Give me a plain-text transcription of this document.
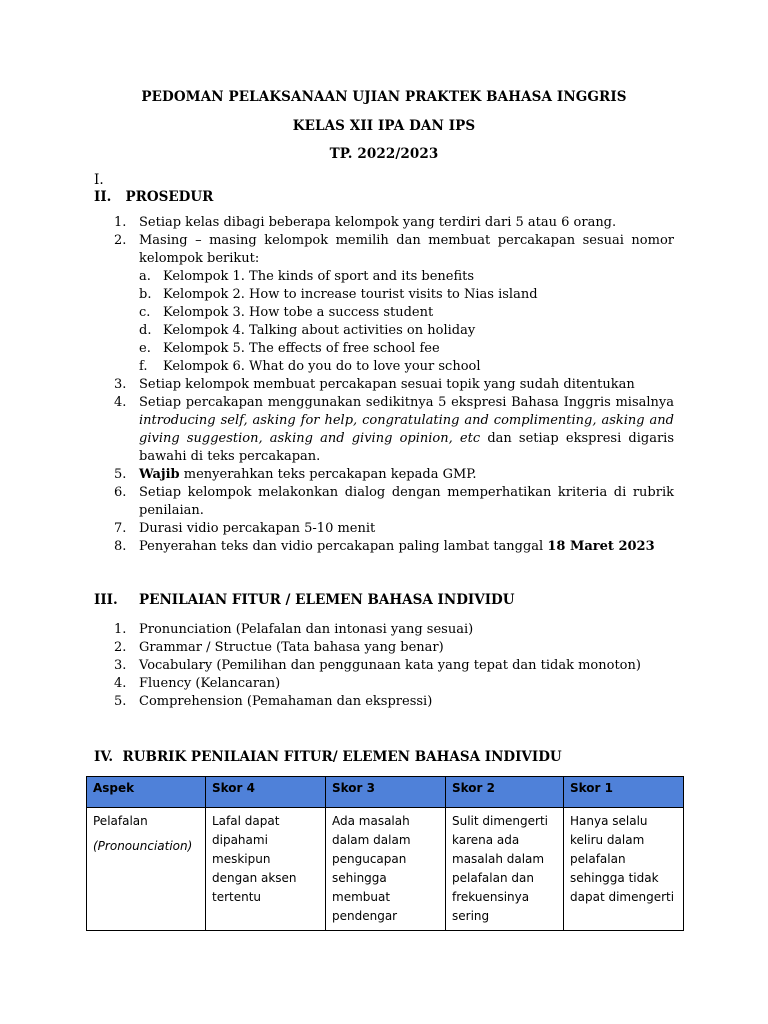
PEDOMAN PELAKSANAAN UJIAN PRAKTEK BAHASA INGGRIS
KELAS XII IPA DAN IPS
TP. 2022/2023
I.
II. PROSEDUR
1. Setiap kelas dibagi beberapa kelompok yang terdiri dari 5 atau 6 orang.
2. Masing – masing kelompok memilih dan membuat percakapan sesuai nomor kelompok berikut:
a. Kelompok 1. The kinds of sport and its benefits
b. Kelompok 2. How to increase tourist visits to Nias island
c. Kelompok 3. How tobe a success student
d. Kelompok 4. Talking about activities on holiday
e. Kelompok 5. The effects of free school fee
f.	Kelompok 6. What do you do to love your school
3. Setiap kelompok membuat percakapan sesuai topik yang sudah ditentukan
4. Setiap percakapan menggunakan sedikitnya 5 ekspresi Bahasa Inggris misalnya introducing self, asking for help, congratulating and complimenting, asking and giving suggestion, asking and giving opinion, etc dan setiap ekspresi digaris bawahi di teks percakapan.
5. Wajib menyerahkan teks percakapan kepada GMP.
6. Setiap kelompok melakonkan dialog dengan memperhatikan kriteria di rubrik penilaian.
7. Durasi vidio percakapan 5-10 menit
8. Penyerahan teks dan vidio percakapan paling lambat tanggal 18 Maret 2023
III. PENILAIAN FITUR / ELEMEN BAHASA INDIVIDU
1. Pronunciation (Pelafalan dan intonasi yang sesuai)
2. Grammar / Structue (Tata bahasa yang benar)
3. Vocabulary (Pemilihan dan penggunaan kata yang tepat dan tidak monoton)
4. Fluency (Kelancaran)
5. Comprehension (Pemahaman dan ekspressi)
IV. RUBRIK PENILAIAN FITUR/ ELEMEN BAHASA INDIVIDU
Aspek	Skor 4	Skor 3	Skor 2	Skor 1

Pelafalan
(Pronounciation)	Lafal dapat dipahami meskipun dengan aksen tertentu	Ada masalah dalam dalam pengucapan sehingga membuat pendengar	Sulit dimengerti karena ada masalah dalam pelafalan dan frekuensinya sering	Hanya selalu keliru dalam pelafalan sehingga tidak dapat dimengerti
